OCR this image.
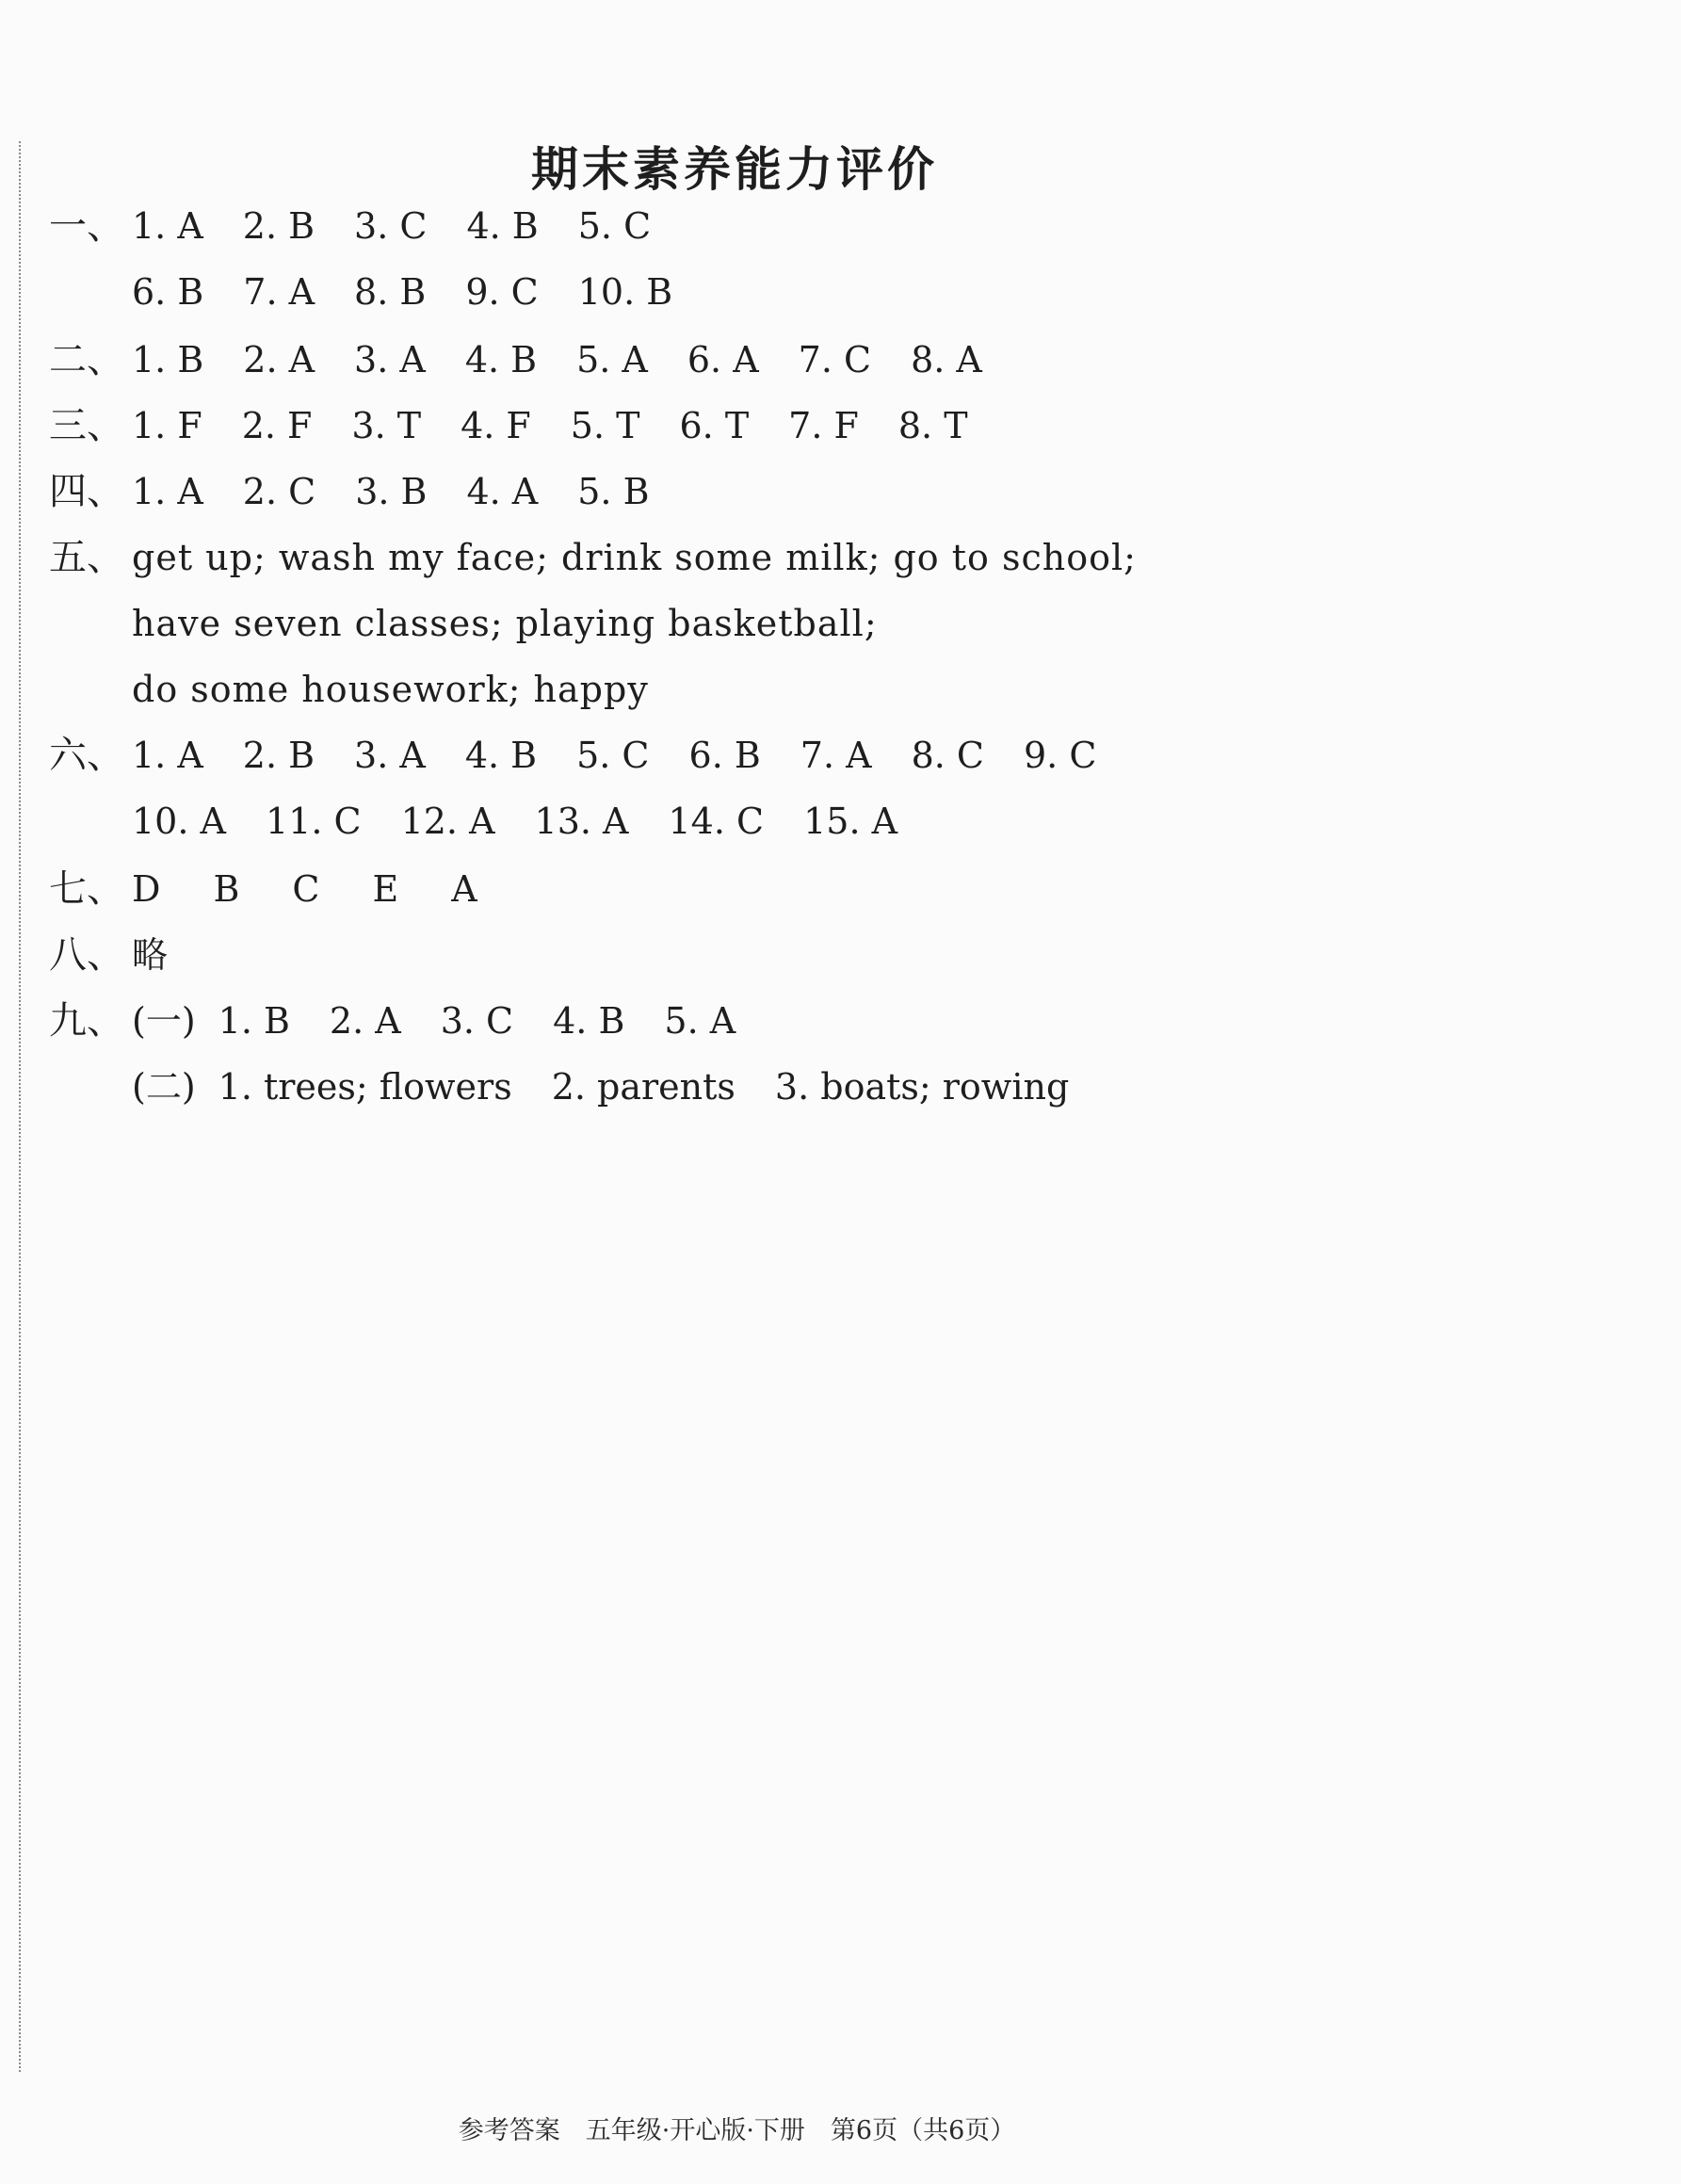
期末素养能力评价
一、 1. A 2. B 3. C 4. B 5. C
6. B 7. A 8. B 9. C 10. B
二、 1. B 2. A 3. A 4. B 5. A 6. A 7. C 8. A
三、 1. F 2. F 3. T 4. F 5. T 6. T 7. F 8. T
四、 1. A 2. C 3. B 4. A 5. B
五、 get up; wash my face; drink some milk; go to school;
have seven classes; playing basketball;
do some housework; happy
六、 1. A 2. B 3. A 4. B 5. C 6. B 7. A 8. C 9. C
10. A 11. C 12. A 13. A 14. C 15. A
七、 D B C E A
八、 略
九、 (一) 1. B 2. A 3. C 4. B 5. A
(二) 1. trees; flowers 2. parents 3. boats; rowing
参考答案　五年级·开心版·下册　第6页（共6页）
